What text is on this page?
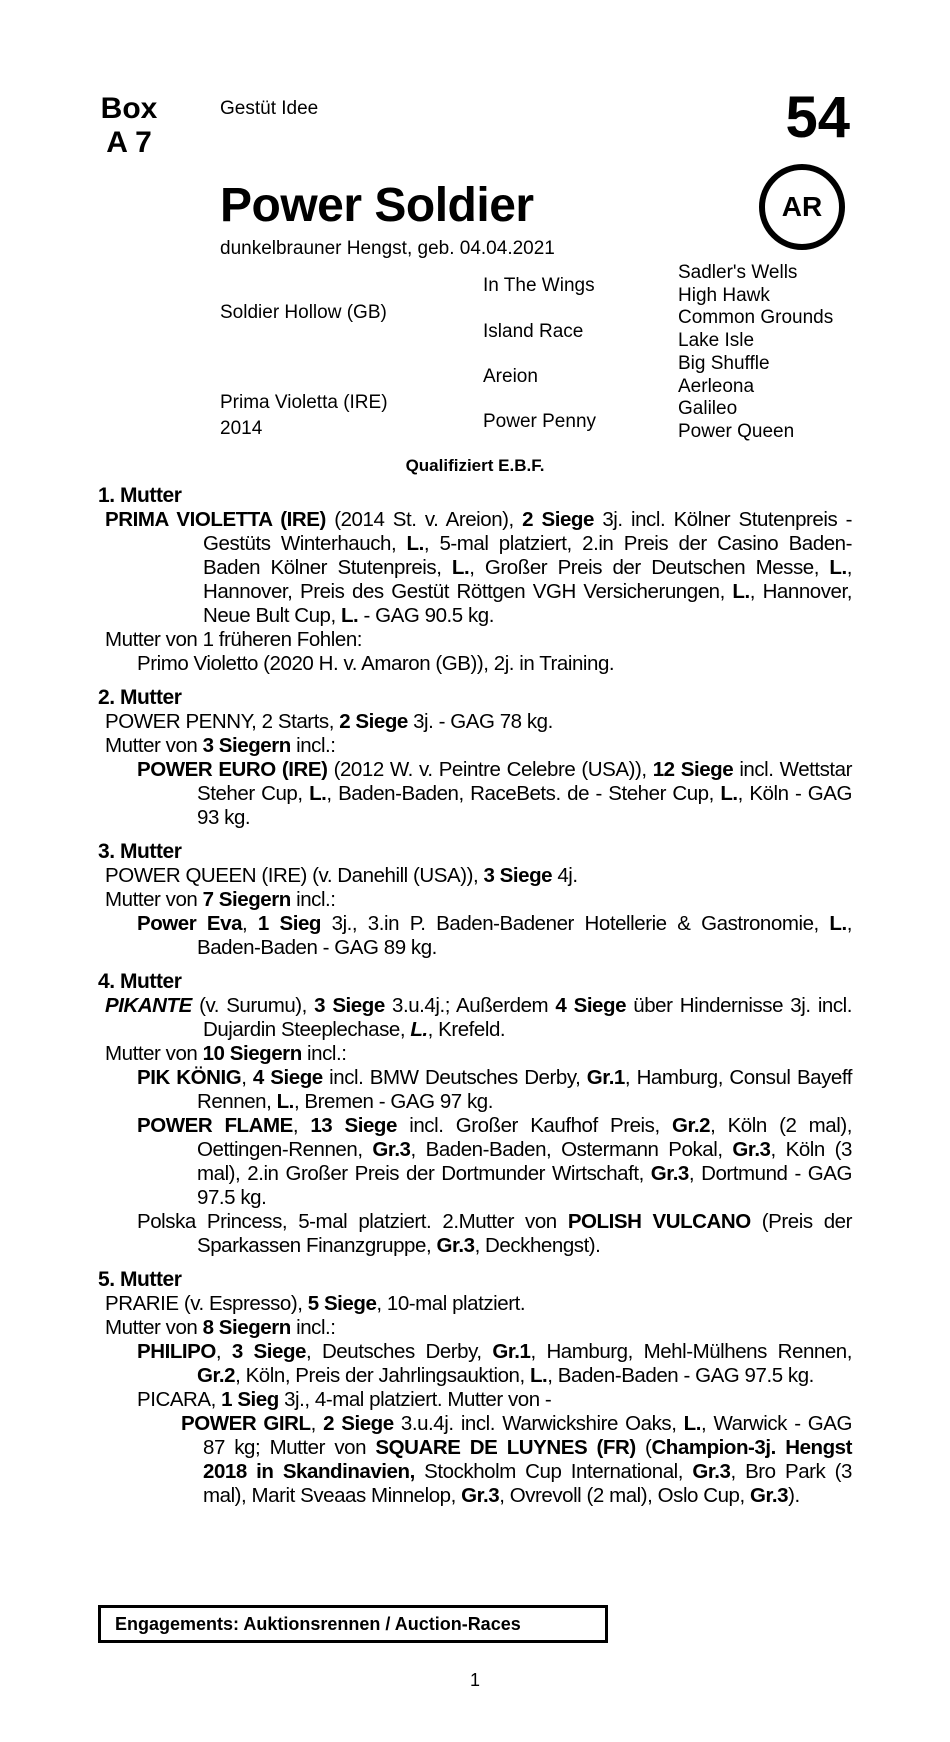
Box
A 7
Gestüt Idee	54
Power Soldier	AR
dunkelbrauner Hengst, geb. 04.04.2021
Soldier Hollow (GB)
Prima Violetta (IRE)
2014
In The Wings
Island Race
Areion
Power Penny
Sadler's Wells
High Hawk
Common Grounds
Lake Isle
Big Shuffle
Aerleona
Galileo
Power Queen
Qualifiziert E.B.F.
1. Mutter
PRIMA VIOLETTA (IRE) (2014 St. v. Areion), 2 Siege 3j. incl. Kölner Stutenpreis - Gestüts Winterhauch, L., 5-mal platziert, 2.in Preis der Casino Baden-Baden Kölner Stutenpreis, L., Großer Preis der Deutschen Messe, L., Hannover, Preis des Gestüt Röttgen VGH Versicherungen, L., Hannover, Neue Bult Cup, L. - GAG 90.5 kg.
Mutter von 1 früheren Fohlen:
Primo Violetto (2020 H. v. Amaron (GB)), 2j. in Training.
2. Mutter
POWER PENNY, 2 Starts, 2 Siege 3j. - GAG 78 kg.
Mutter von 3 Siegern incl.:
POWER EURO (IRE) (2012 W. v. Peintre Celebre (USA)), 12 Siege incl. Wettstar Steher Cup, L., Baden-Baden, RaceBets. de - Steher Cup, L., Köln - GAG 93 kg.
3. Mutter
POWER QUEEN (IRE) (v. Danehill (USA)), 3 Siege 4j.
Mutter von 7 Siegern incl.:
Power Eva, 1 Sieg 3j., 3.in P. Baden-Badener Hotellerie & Gastronomie, L., Baden-Baden - GAG 89 kg.
4. Mutter
PIKANTE (v. Surumu), 3 Siege 3.u.4j.; Außerdem 4 Siege über Hindernisse 3j. incl. Dujardin Steeplechase, L., Krefeld.
Mutter von 10 Siegern incl.:
PIK KÖNIG, 4 Siege incl. BMW Deutsches Derby, Gr.1, Hamburg, Consul Bayeff Rennen, L., Bremen - GAG 97 kg.
POWER FLAME, 13 Siege incl. Großer Kaufhof Preis, Gr.2, Köln (2 mal), Oettingen-Rennen, Gr.3, Baden-Baden, Ostermann Pokal, Gr.3, Köln (3 mal), 2.in Großer Preis der Dortmunder Wirtschaft, Gr.3, Dortmund - GAG 97.5 kg.
Polska Princess, 5-mal platziert. 2.Mutter von POLISH VULCANO (Preis der Sparkassen Finanzgruppe, Gr.3, Deckhengst).
5. Mutter
PRARIE (v. Espresso), 5 Siege, 10-mal platziert.
Mutter von 8 Siegern incl.:
PHILIPO, 3 Siege, Deutsches Derby, Gr.1, Hamburg, Mehl-Mülhens Rennen, Gr.2, Köln, Preis der Jahrlingsauktion, L., Baden-Baden - GAG 97.5 kg.
PICARA, 1 Sieg 3j., 4-mal platziert. Mutter von -
POWER GIRL, 2 Siege 3.u.4j. incl. Warwickshire Oaks, L., Warwick - GAG 87 kg; Mutter von SQUARE DE LUYNES (FR) (Champion-3j. Hengst 2018 in Skandinavien, Stockholm Cup International, Gr.3, Bro Park (3 mal), Marit Sveaas Minnelop, Gr.3, Ovrevoll (2 mal), Oslo Cup, Gr.3).
Engagements: Auktionsrennen / Auction-Races
1
